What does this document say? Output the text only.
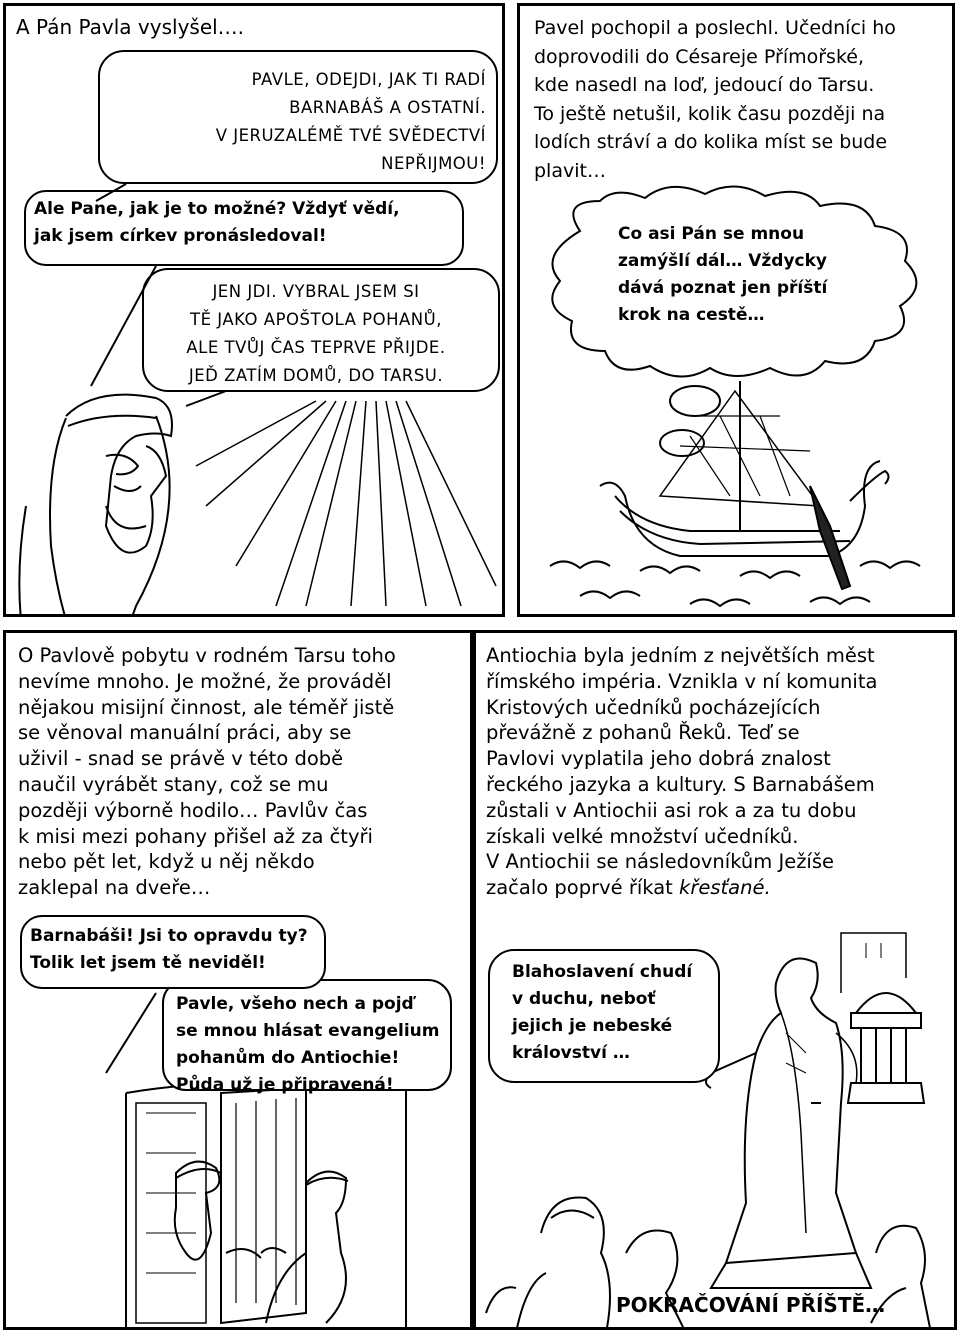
A Pán Pavla vyslyšel….
PAVLE, ODEJDI, JAK TI RADÍ
BARNABÁŠ A OSTATNÍ.
V JERUZALÉMĚ TVÉ SVĚDECTVÍ
NEPŘIJMOU!
Ale Pane, jak je to možné? Vždyť vědí,
jak jsem církev pronásledoval!
JEN JDI. VYBRAL JSEM SI
TĚ JAKO APOŠTOLA POHANŮ,
ALE TVŮJ ČAS TEPRVE PŘIJDE.
JEĎ ZATÍM DOMŮ, DO TARSU.
Pavel pochopil a poslechl. Učedníci ho
doprovodili do Césareje Přímořské,
kde nasedl na loď, jedoucí do Tarsu.
To ještě netušil, kolik času později na
lodích stráví a do kolika míst se bude
plavit…
Co asi Pán se mnou
zamýšlí dál… Vždycky
dává poznat jen příští
krok na cestě…
O Pavlově pobytu v rodném Tarsu toho
nevíme mnoho. Je možné, že prováděl
nějakou misijní činnost, ale téměř jistě
se věnoval manuální práci, aby se
uživil - snad se právě v této době
naučil vyrábět stany, což se mu
později výborně hodilo… Pavlův čas
k misi mezi pohany přišel až za čtyři
nebo pět let, když u něj někdo
zaklepal na dveře…
Pavle, všeho nech a pojď
se mnou hlásat evangelium
pohanům do Antiochie!
Půda už je připravená!
Barnabáši! Jsi to opravdu ty?
Tolik let jsem tě neviděl!
Antiochia byla jedním z největších měst
římského impéria. Vznikla v ní komunita
Kristových učedníků pocházejících
převážně z pohanů Řeků. Teď se
Pavlovi vyplatila jeho dobrá znalost
řeckého jazyka a kultury. S Barnabášem
zůstali v Antiochii asi rok a za tu dobu
získali velké množství učedníků.
V Antiochii se následovníkům Ježíše
začalo poprvé říkat křesťané.
Blahoslavení chudí
v duchu, neboť
jejich je nebeské
království …
POKRAČOVÁNÍ PŘÍŠTĚ…
